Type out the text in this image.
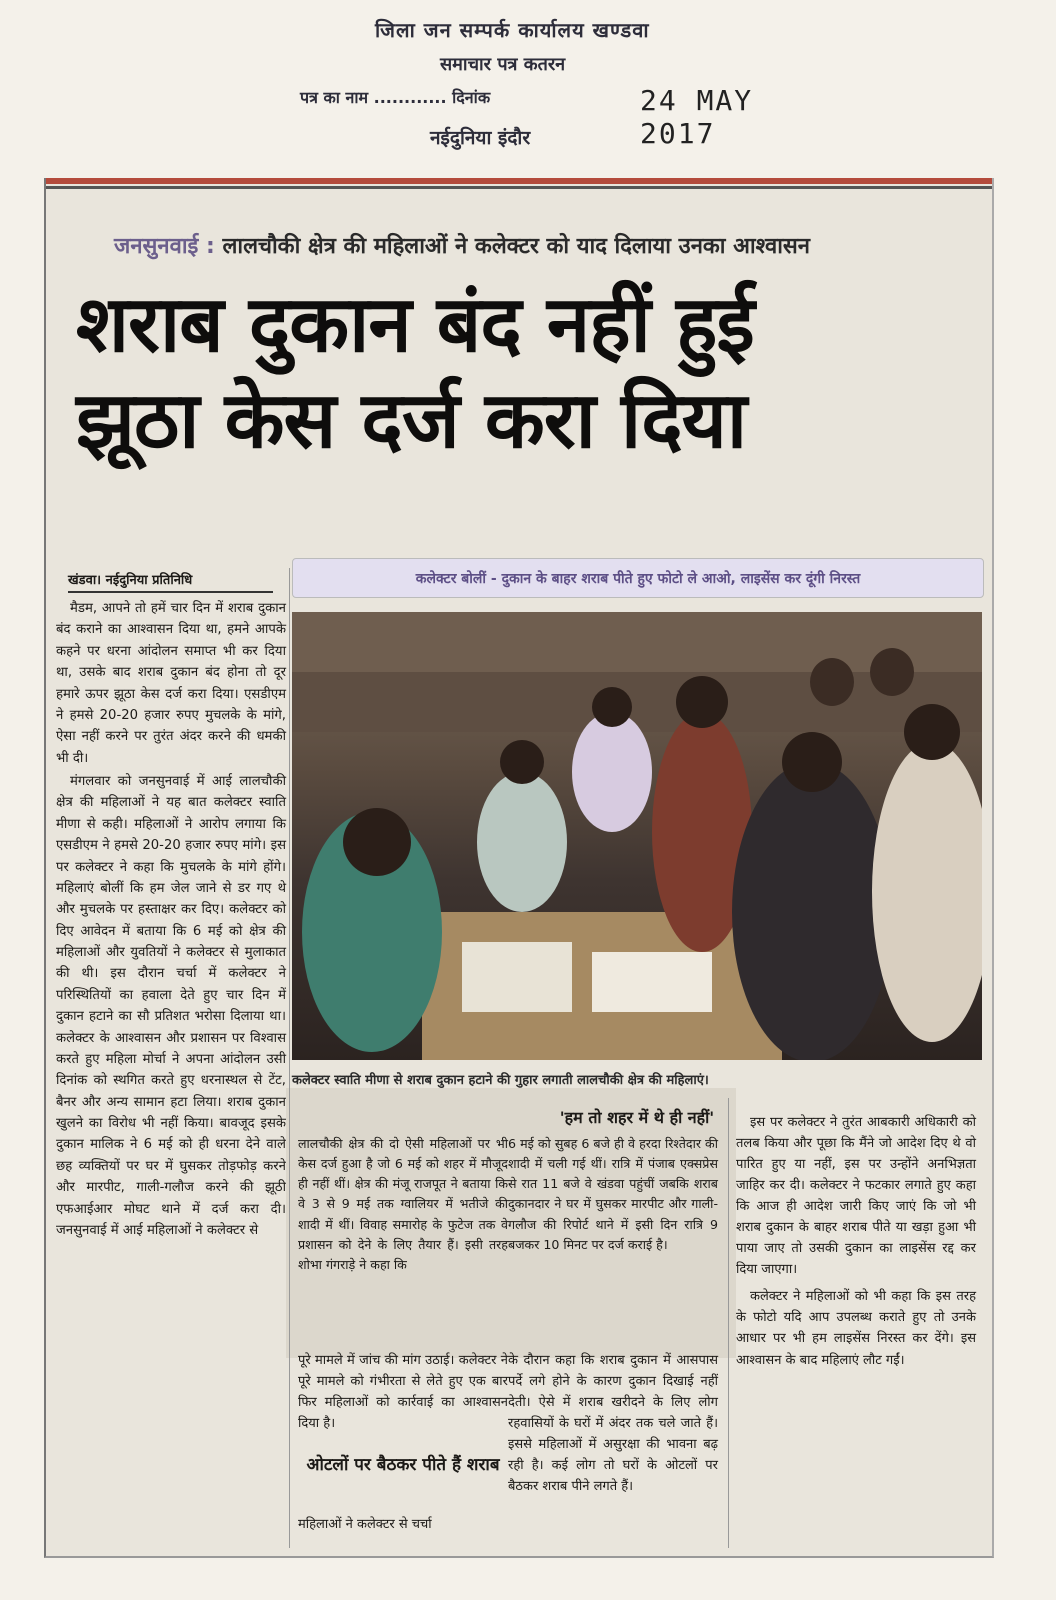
जिला जन सम्पर्क कार्यालय खण्डवा
समाचार पत्र कतरन
पत्र का नाम ............ दिनांक	24 MAY 2017
नईदुनिया इंदौर
जनसुनवाई : लालचौकी क्षेत्र की महिलाओं ने कलेक्टर को याद दिलाया उनका आश्वासन
शराब दुकान बंद नहीं हुई
झूठा केस दर्ज करा दिया
खंडवा। नईदुनिया प्रतिनिधि

मैडम, आपने तो हमें चार दिन में शराब दुकान बंद कराने का आश्वासन दिया था, हमने आपके कहने पर धरना आंदोलन समाप्त भी कर दिया था, उसके बाद शराब दुकान बंद होना तो दूर हमारे ऊपर झूठा केस दर्ज करा दिया। एसडीएम ने हमसे 20-20 हजार रुपए मुचलके के मांगे, ऐसा नहीं करने पर तुरंत अंदर करने की धमकी भी दी।

मंगलवार को जनसुनवाई में आई लालचौकी क्षेत्र की महिलाओं ने यह बात कलेक्टर स्वाति मीणा से कही। महिलाओं ने आरोप लगाया कि एसडीएम ने हमसे 20-20 हजार रुपए मांगे। इस पर कलेक्टर ने कहा कि मुचलके के मांगे होंगे। महिलाएं बोलीं कि हम जेल जाने से डर गए थे और मुचलके पर हस्ताक्षर कर दिए। कलेक्टर को दिए आवेदन में बताया कि 6 मई को क्षेत्र की महिलाओं और युवतियों ने कलेक्टर से मुलाकात की थी। इस दौरान चर्चा में कलेक्टर ने परिस्थितियों का हवाला देते हुए चार दिन में दुकान हटाने का सौ प्रतिशत भरोसा दिलाया था। कलेक्टर के आश्वासन और प्रशासन पर विश्वास करते हुए महिला मोर्चा ने अपना आंदोलन उसी दिनांक को स्थगित करते हुए धरनास्थल से टेंट, बैनर और अन्य सामान हटा लिया। शराब दुकान खुलने का विरोध भी नहीं किया। बावजूद इसके दुकान मालिक ने 6 मई को ही धरना देने वाले छह व्यक्तियों पर घर में घुसकर तोड़फोड़ करने और मारपीट, गाली-गलौज करने की झूठी एफआईआर मोघट थाने में दर्ज करा दी। जनसुनवाई में आई महिलाओं ने कलेक्टर से

कलेक्टर बोलीं - दुकान के बाहर शराब पीते हुए फोटो ले आओ, लाइसेंस कर दूंगी निरस्त
कलेक्टर स्वाति मीणा से शराब दुकान हटाने की गुहार लगाती लालचौकी क्षेत्र की महिलाएं।
'हम तो शहर में थे ही नहीं'

लालचौकी क्षेत्र की दो ऐसी महिलाओं पर भी केस दर्ज हुआ है जो 6 मई को शहर में मौजूद ही नहीं थीं। क्षेत्र की मंजू राजपूत ने बताया कि वे 3 से 9 मई तक ग्वालियर में भतीजे की शादी में थीं। विवाह समारोह के फुटेज तक वे प्रशासन को देने के लिए तैयार हैं। इसी तरह शोभा गंगराड़े ने कहा कि

6 मई को सुबह 6 बजे ही वे हरदा रिश्तेदार की शादी में चली गई थीं। रात्रि में पंजाब एक्सप्रेस से रात 11 बजे वे खंडवा पहुंचीं जबकि शराब दुकानदार ने घर में घुसकर मारपीट और गाली-गलौज की रिपोर्ट थाने में इसी दिन रात्रि 9 बजकर 10 मिनट पर दर्ज कराई है।

पूरे मामले में जांच की मांग उठाई। कलेक्टर ने पूरे मामले को गंभीरता से लेते हुए एक बार फिर महिलाओं को कार्रवाई का आश्वासन दिया है।
ओटलों पर बैठकर पीते हैं शराब
महिलाओं ने कलेक्टर से चर्चा
के दौरान कहा कि शराब दुकान में आसपास पर्दे लगे होने के कारण दुकान दिखाई नहीं देती। ऐसे में शराब खरीदने के लिए लोग रहवासियों के घरों में अंदर तक चले जाते हैं। इससे महिलाओं में असुरक्षा की भावना बढ़ रही है। कई लोग तो घरों के ओटलों पर बैठकर शराब पीने लगते हैं।

इस पर कलेक्टर ने तुरंत आबकारी अधिकारी को तलब किया और पूछा कि मैंने जो आदेश दिए थे वो पारित हुए या नहीं, इस पर उन्होंने अनभिज्ञता जाहिर कर दी। कलेक्टर ने फटकार लगाते हुए कहा कि आज ही आदेश जारी किए जाएं कि जो भी शराब दुकान के बाहर शराब पीते या खड़ा हुआ भी पाया जाए तो उसकी दुकान का लाइसेंस रद्द कर दिया जाएगा।

कलेक्टर ने महिलाओं को भी कहा कि इस तरह के फोटो यदि आप उपलब्ध कराते हुए तो उनके आधार पर भी हम लाइसेंस निरस्त कर देंगे। इस आश्वासन के बाद महिलाएं लौट गईं।
